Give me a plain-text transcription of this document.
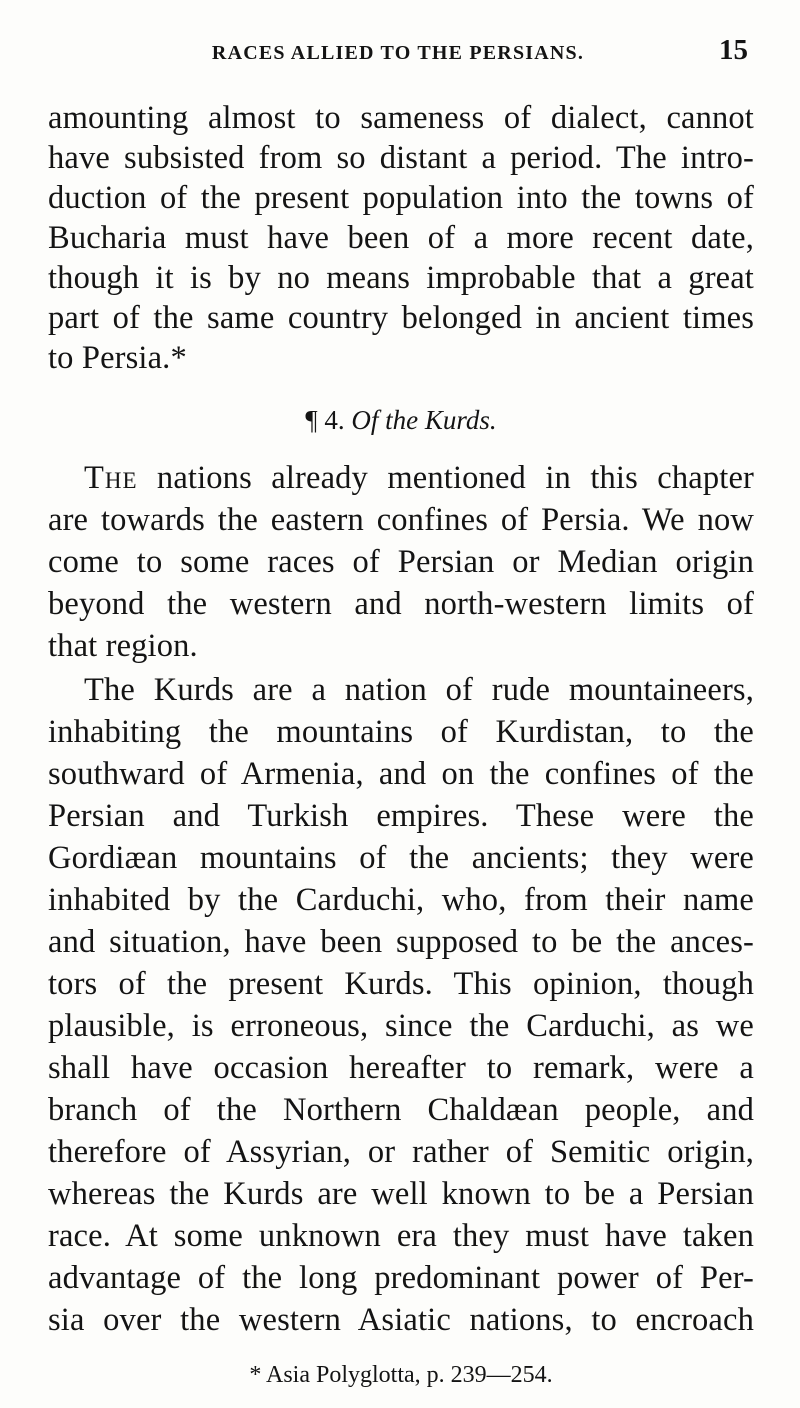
RACES ALLIED TO THE PERSIANS.	15
amounting almost to sameness of dialect, cannot
have subsisted from so distant a period. The intro-
duction of the present population into the towns of
Bucharia must have been of a more recent date,
though it is by no means improbable that a great
part of the same country belonged in ancient times
to Persia.*
¶ 4. Of the Kurds.
The nations already mentioned in this chapter
are towards the eastern confines of Persia. We now
come to some races of Persian or Median origin
beyond the western and north-western limits of
that region.
The Kurds are a nation of rude mountaineers,
inhabiting the mountains of Kurdistan, to the
southward of Armenia, and on the confines of the
Persian and Turkish empires. These were the
Gordiæan mountains of the ancients; they were
inhabited by the Carduchi, who, from their name
and situation, have been supposed to be the ances-
tors of the present Kurds. This opinion, though
plausible, is erroneous, since the Carduchi, as we
shall have occasion hereafter to remark, were a
branch of the Northern Chaldæan people, and
therefore of Assyrian, or rather of Semitic origin,
whereas the Kurds are well known to be a Persian
race. At some unknown era they must have taken
advantage of the long predominant power of Per-
sia over the western Asiatic nations, to encroach
* Asia Polyglotta, p. 239—254.
